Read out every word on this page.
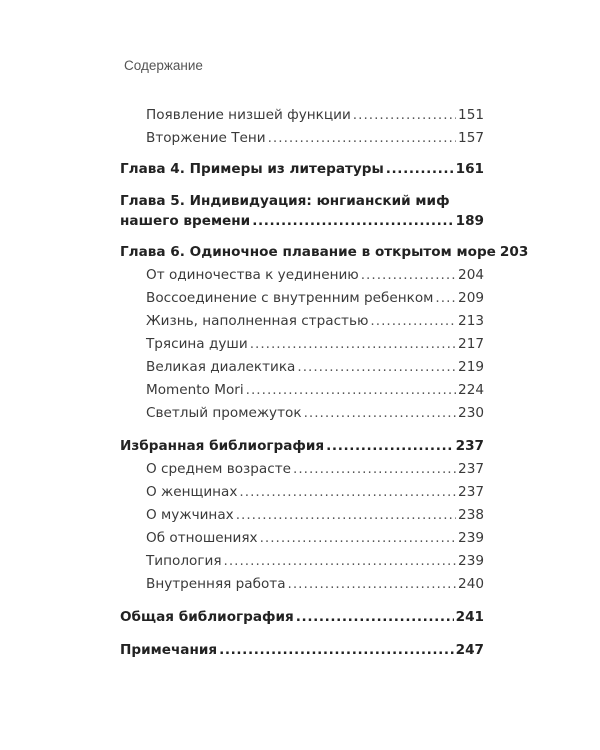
Содержание
Появление низшей функции .....	151
Вторжение Тени .....	157
Глава 4. Примеры из литературы .....	161
Глава 5. Индивидуация: юнгианский миф
нашего времени .....	189
Глава 6. Одиночное плавание в открытом море 203
От одиночества к уединению .....	204
Воссоединение с внутренним ребенком ..... 209
Жизнь, наполненная страстью .....	213
Трясина души .....	217
Великая диалектика .....	219
Momento Mori .....	224
Светлый промежуток .....	230
Избранная библиография .....	237
О среднем возрасте .....	237
О женщинах .....	237
О мужчинах .....	238
Об отношениях .....	239
Типология .....	239
Внутренняя работа .....	240
Общая библиография .....	241
Примечания .....	247
